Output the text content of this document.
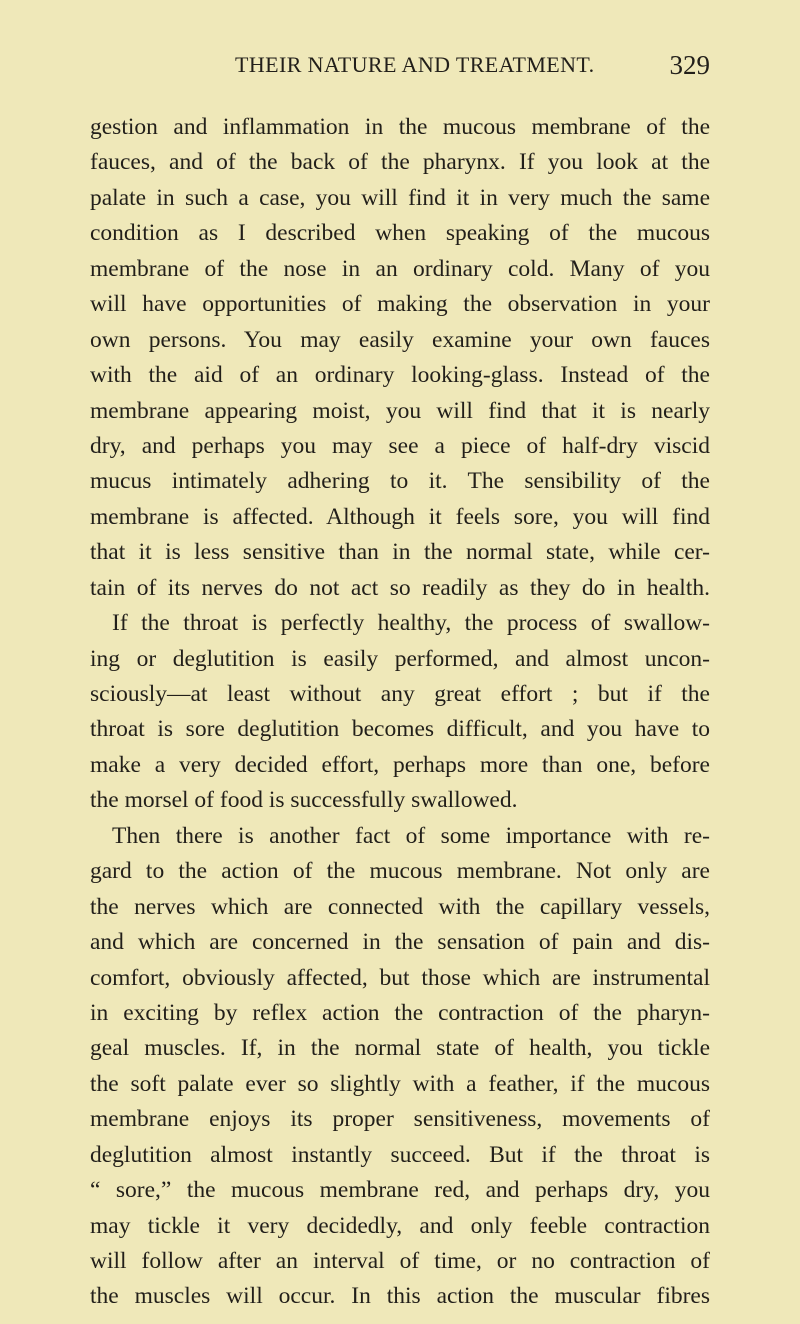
THEIR NATURE AND TREATMENT.	329
gestion and inflammation in the mucous membrane of the
fauces, and of the back of the pharynx. If you look at the
palate in such a case, you will find it in very much the same
condition as I described when speaking of the mucous
membrane of the nose in an ordinary cold. Many of you
will have opportunities of making the observation in your
own persons. You may easily examine your own fauces
with the aid of an ordinary looking-glass. Instead of the
membrane appearing moist, you will find that it is nearly
dry, and perhaps you may see a piece of half-dry viscid
mucus intimately adhering to it. The sensibility of the
membrane is affected. Although it feels sore, you will find
that it is less sensitive than in the normal state, while cer-
tain of its nerves do not act so readily as they do in health.
If the throat is perfectly healthy, the process of swallow-
ing or deglutition is easily performed, and almost uncon-
sciously—at least without any great effort ; but if the
throat is sore deglutition becomes difficult, and you have to
make a very decided effort, perhaps more than one, before
the morsel of food is successfully swallowed.
Then there is another fact of some importance with re-
gard to the action of the mucous membrane. Not only are
the nerves which are connected with the capillary vessels,
and which are concerned in the sensation of pain and dis-
comfort, obviously affected, but those which are instrumental
in exciting by reflex action the contraction of the pharyn-
geal muscles. If, in the normal state of health, you tickle
the soft palate ever so slightly with a feather, if the mucous
membrane enjoys its proper sensitiveness, movements of
deglutition almost instantly succeed. But if the throat is
“ sore,” the mucous membrane red, and perhaps dry, you
may tickle it very decidedly, and only feeble contraction
will follow after an interval of time, or no contraction of
the muscles will occur. In this action the muscular fibres
